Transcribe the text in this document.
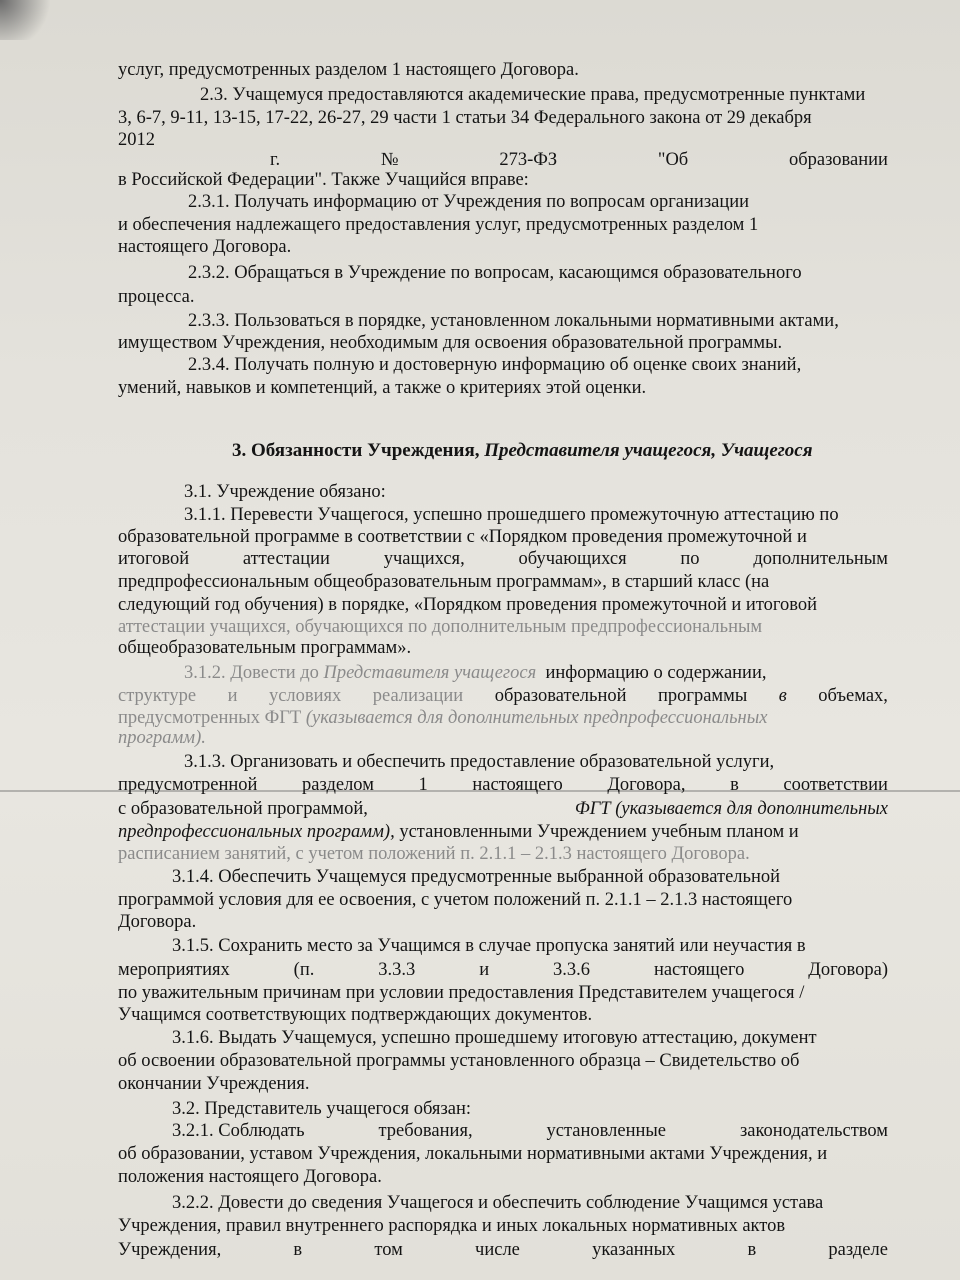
услуг, предусмотренных разделом 1 настоящего Договора.
2.3. Учащемуся предоставляются академические права, предусмотренные пунктами
3, 6-7, 9-11, 13-15, 17-22, 26-27, 29 части 1 статьи 34 Федерального закона от 29 декабря
2012
г.	№	273-ФЗ	"Об	образовании
в Российской Федерации". Также Учащийся вправе:
2.3.1. Получать информацию от Учреждения по вопросам организации
и обеспечения надлежащего предоставления услуг, предусмотренных разделом 1
настоящего Договора.
2.3.2. Обращаться в Учреждение по вопросам, касающимся образовательного
процесса.
2.3.3. Пользоваться в порядке, установленном локальными нормативными актами,
имуществом Учреждения, необходимым для освоения образовательной программы.
2.3.4. Получать полную и достоверную информацию об оценке своих знаний,
умений, навыков и компетенций, а также о критериях этой оценки.
3. Обязанности Учреждения, Представителя учащегося, Учащегося
3.1. Учреждение обязано:
3.1.1. Перевести Учащегося, успешно прошедшего промежуточную аттестацию по
образовательной программе в соответствии с «Порядком проведения промежуточной и
итоговой	аттестации	учащихся,	обучающихся	по	дополнительным
предпрофессиональным общеобразовательным программам», в старший класс (на
следующий год обучения) в порядке, «Порядком проведения промежуточной и итоговой
аттестации учащихся, обучающихся по дополнительным предпрофессиональным
общеобразовательным программам».
3.1.2. Довести до Представителя учащегося информацию о содержании,
структуре и условиях реализации образовательной программы в объемах,
предусмотренных ФГТ (указывается для дополнительных предпрофессиональных
программ).
3.1.3. Организовать и обеспечить предоставление образовательной услуги,
предусмотренной разделом 1 настоящего Договора, в соответствии
с образовательной программой,	ФГТ (указывается для дополнительных
предпрофессиональных программ), установленными Учреждением учебным планом и
расписанием занятий, с учетом положений п. 2.1.1 – 2.1.3 настоящего Договора.
3.1.4. Обеспечить Учащемуся предусмотренные выбранной образовательной
программой условия для ее освоения, с учетом положений п. 2.1.1 – 2.1.3 настоящего
Договора.
3.1.5. Сохранить место за Учащимся в случае пропуска занятий или неучастия в
мероприятиях	(п.	3.3.3	и	3.3.6	настоящего	Договора)
по уважительным причинам при условии предоставления Представителем учащегося /
Учащимся соответствующих подтверждающих документов.
3.1.6. Выдать Учащемуся, успешно прошедшему итоговую аттестацию, документ
об освоении образовательной программы установленного образца – Свидетельство об
окончании Учреждения.
3.2. Представитель учащегося обязан:
3.2.1. Соблюдать	требования,	установленные	законодательством
об образовании, уставом Учреждения, локальными нормативными актами Учреждения, и
положения настоящего Договора.
3.2.2. Довести до сведения Учащегося и обеспечить соблюдение Учащимся устава
Учреждения, правил внутреннего распорядка и иных локальных нормативных актов
Учреждения,	в	том	числе	указанных	в	разделе
